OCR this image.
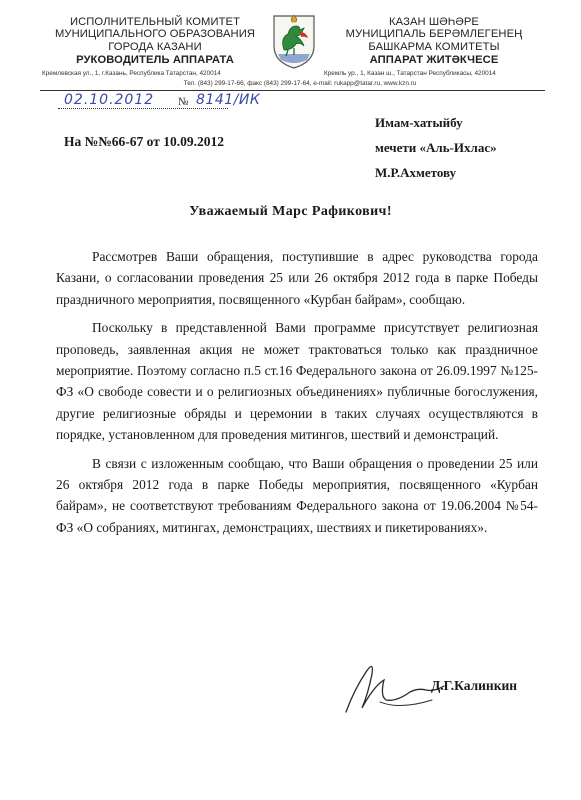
ИСПОЛНИТЕЛЬНЫЙ КОМИТЕТ
МУНИЦИПАЛЬНОГО ОБРАЗОВАНИЯ
ГОРОДА КАЗАНИ
РУКОВОДИТЕЛЬ АППАРАТА
КАЗАН ШӘҺӘРЕ
МУНИЦИПАЛЬ БЕРӘМЛЕГЕНЕҢ
БАШКАРМА КОМИТЕТЫ
АППАРАТ ЖИТӘКЧЕСЕ
Кремлевская ул., 1, г.Казань, Республика Татарстан, 420014	Кремль ур., 1, Казан ш., Татарстан Республикасы, 420014
Тел. (843) 299-17-66, факс (843) 299-17-64, e-mail: rukapp@tatar.ru, www.kzn.ru
02.10.2012 № 8141/ИК
На №№66-67 от 10.09.2012
Имам-хатыйбу
мечети «Аль-Ихлас»
М.Р.Ахметову
Уважаемый Марс Рафикович!

Рассмотрев Ваши обращения, поступившие в адрес руководства города Казани, о согласовании проведения 25 или 26 октября 2012 года в парке Победы праздничного мероприятия, посвященного «Курбан байрам», сообщаю.

Поскольку в представленной Вами программе присутствует религиозная проповедь, заявленная акция не может трактоваться только как праздничное мероприятие. Поэтому согласно п.5 ст.16 Федерального закона от 26.09.1997 №125-ФЗ «О свободе совести и о религиозных объединениях» публичные богослужения, другие религиозные обряды и церемонии в таких случаях осуществляются в порядке, установленном для проведения митингов, шествий и демонстраций.

В связи с изложенным сообщаю, что Ваши обращения о проведении 25 или 26 октября 2012 года в парке Победы мероприятия, посвященного «Курбан байрам», не соответствуют требованиям Федерального закона от 19.06.2004 №54-ФЗ «О собраниях, митингах, демонстрациях, шествиях и пикетированиях».

Д.Г.Калинкин
